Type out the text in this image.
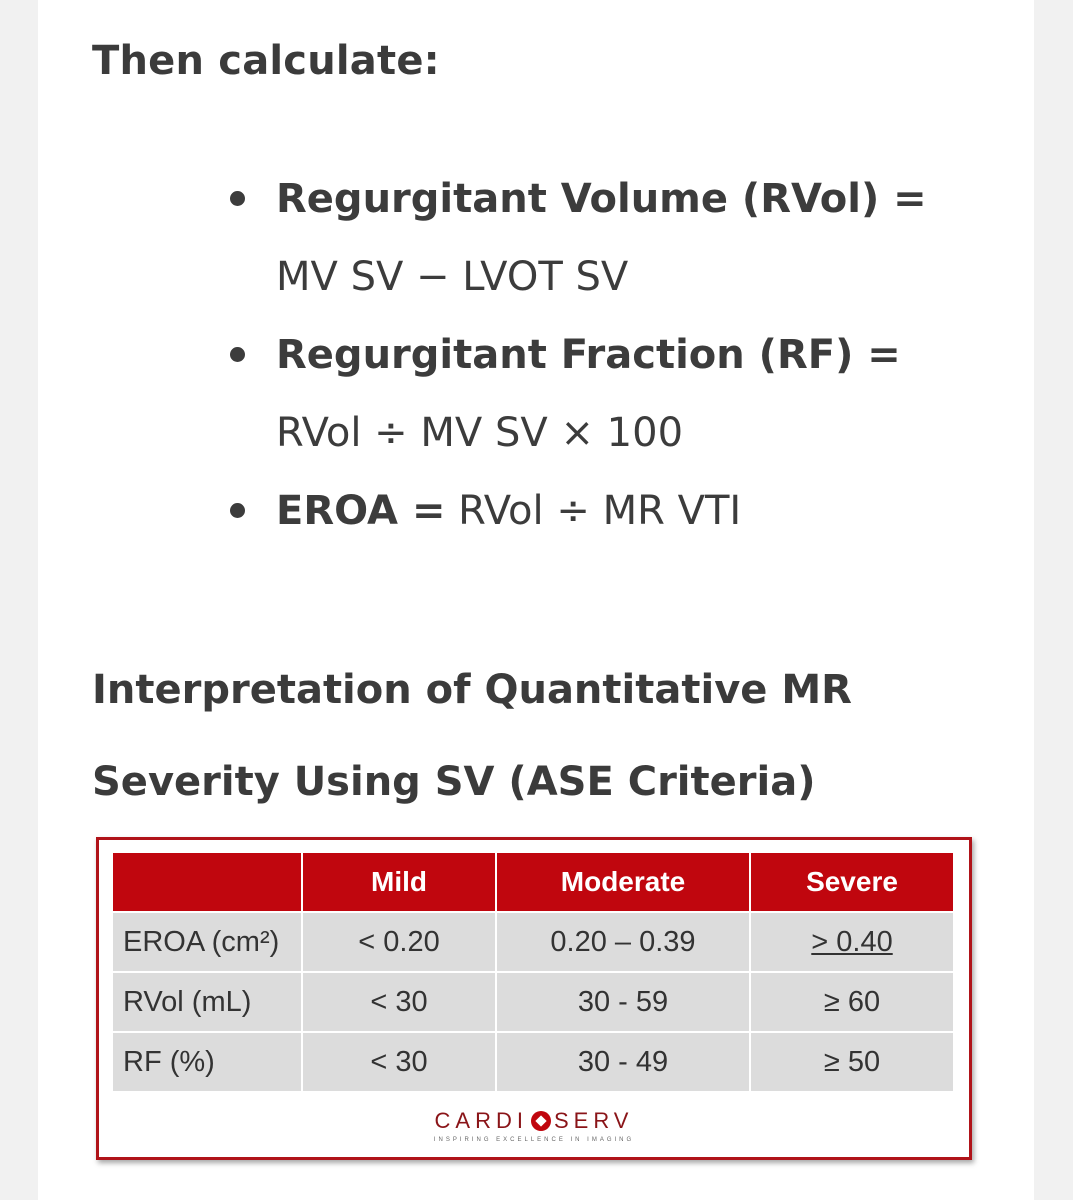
Then calculate:
Regurgitant Volume (RVol) =
MV SV − LVOT SV
Regurgitant Fraction (RF) =
RVol ÷ MV SV × 100
EROA = RVol ÷ MR VTI
Interpretation of Quantitative MR Severity Using SV (ASE Criteria)
	Mild	Moderate	Severe
EROA (cm²)	< 0.20	0.20 – 0.39	> 0.40
RVol (mL)	< 30	30 - 59	≥ 60
RF (%)	< 30	30 - 49	≥ 50
CARDI SERV
INSPIRING EXCELLENCE IN IMAGING
